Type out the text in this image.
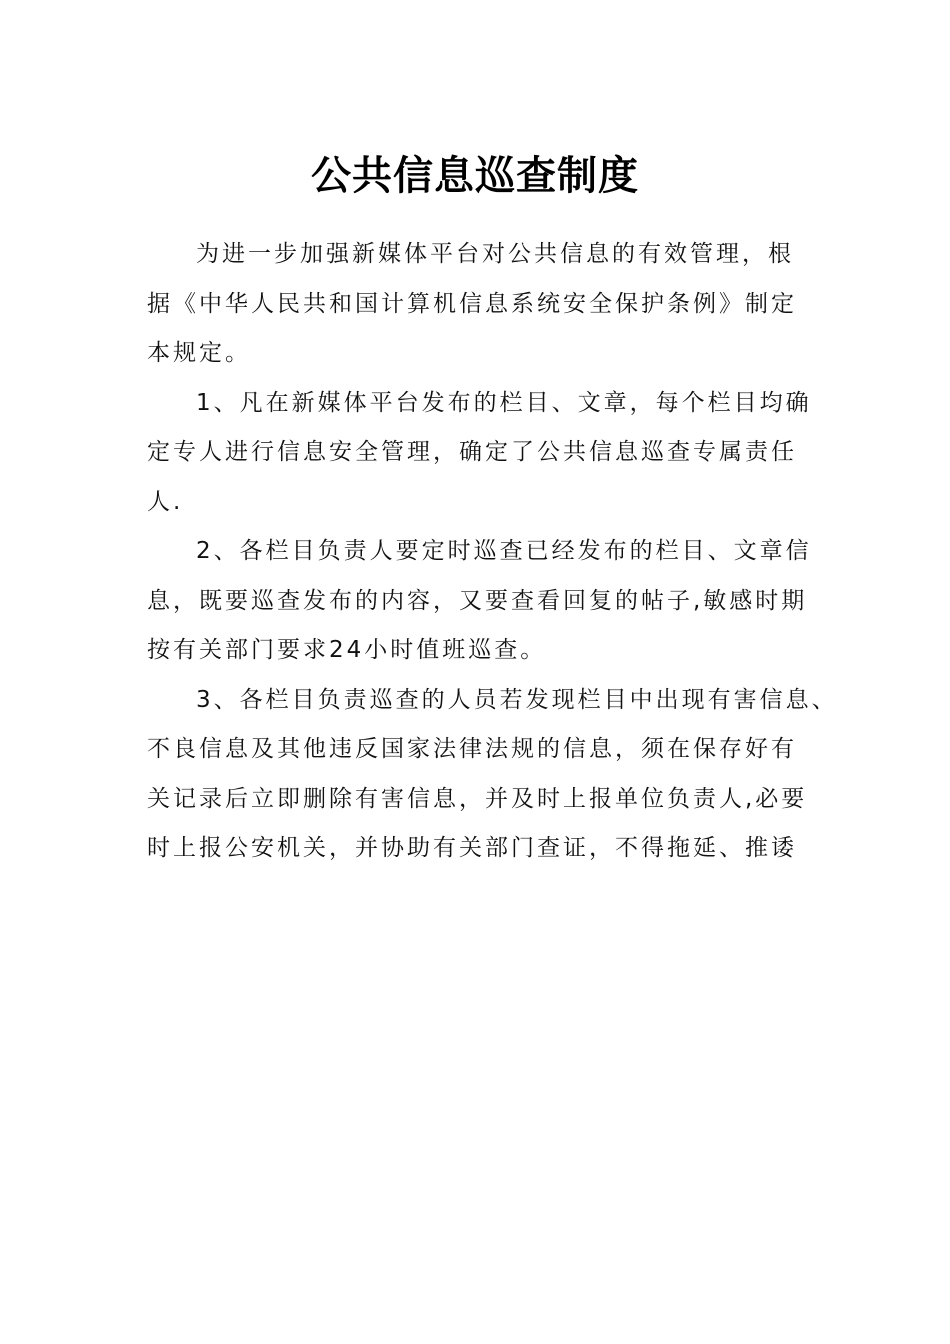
公共信息巡查制度
为进一步加强新媒体平台对公共信息的有效管理，根
据《中华人民共和国计算机信息系统安全保护条例》制定
本规定。
1、凡在新媒体平台发布的栏目、文章，每个栏目均确
定专人进行信息安全管理，确定了公共信息巡查专属责任
人.
2、各栏目负责人要定时巡查已经发布的栏目、文章信
息，既要巡查发布的内容，又要查看回复的帖子,敏感时期
按有关部门要求24小时值班巡查。
3、各栏目负责巡查的人员若发现栏目中出现有害信息、
不良信息及其他违反国家法律法规的信息，须在保存好有
关记录后立即删除有害信息，并及时上报单位负责人,必要
时上报公安机关，并协助有关部门查证，不得拖延、推诿
